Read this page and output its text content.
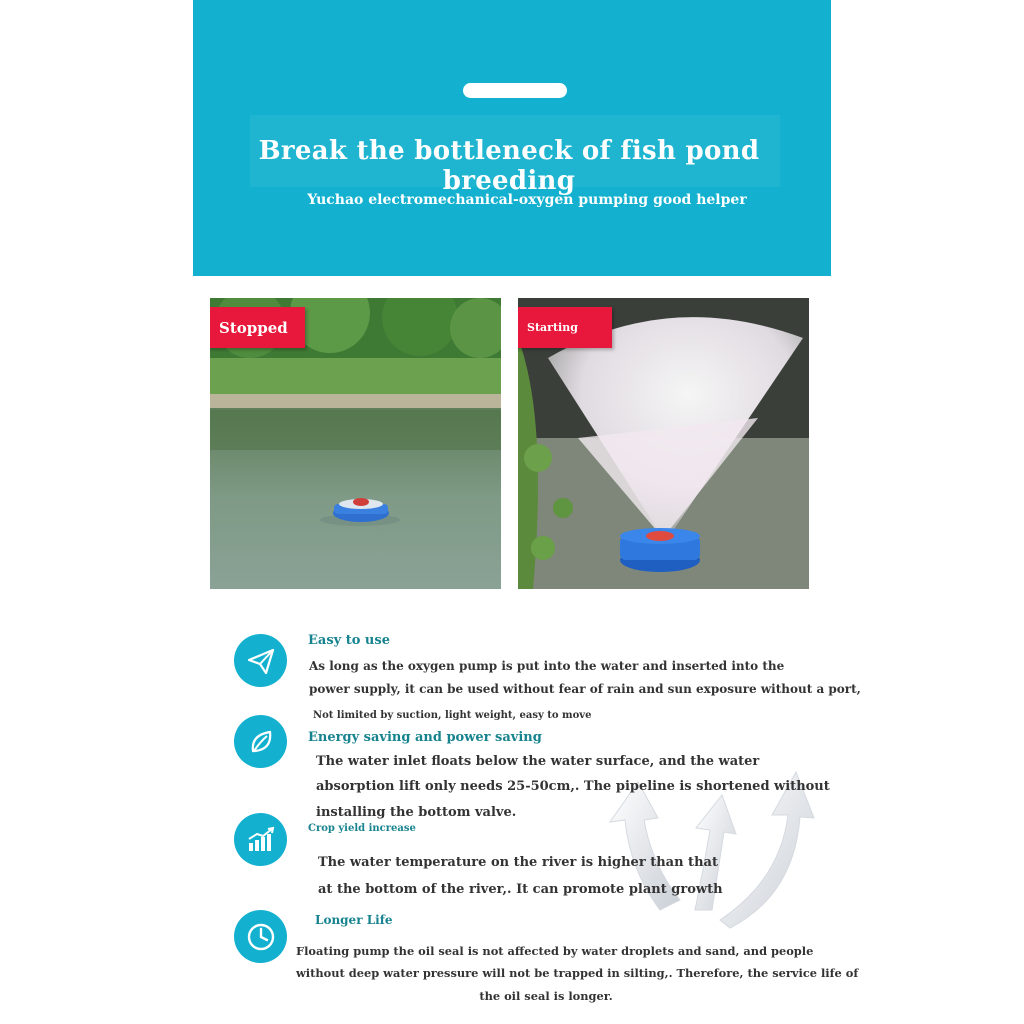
Break the bottleneck of fish pond breeding
Yuchao electromechanical-oxygen pumping good helper
Stopped	Starting
Easy to use
As long as the oxygen pump is put into the water and inserted into the
power supply, it can be used without fear of rain and sun exposure without a port,
Not limited by suction, light weight, easy to move
Energy saving and power saving
The water inlet floats below the water surface, and the water
absorption lift only needs 25-50cm,. The pipeline is shortened without
installing the bottom valve.
Crop yield increase
The water temperature on the river is higher than that
at the bottom of the river,. It can promote plant growth
Longer Life
Floating pump the oil seal is not affected by water droplets and sand, and people
without deep water pressure will not be trapped in silting,. Therefore, the service life of
the oil seal is longer.
